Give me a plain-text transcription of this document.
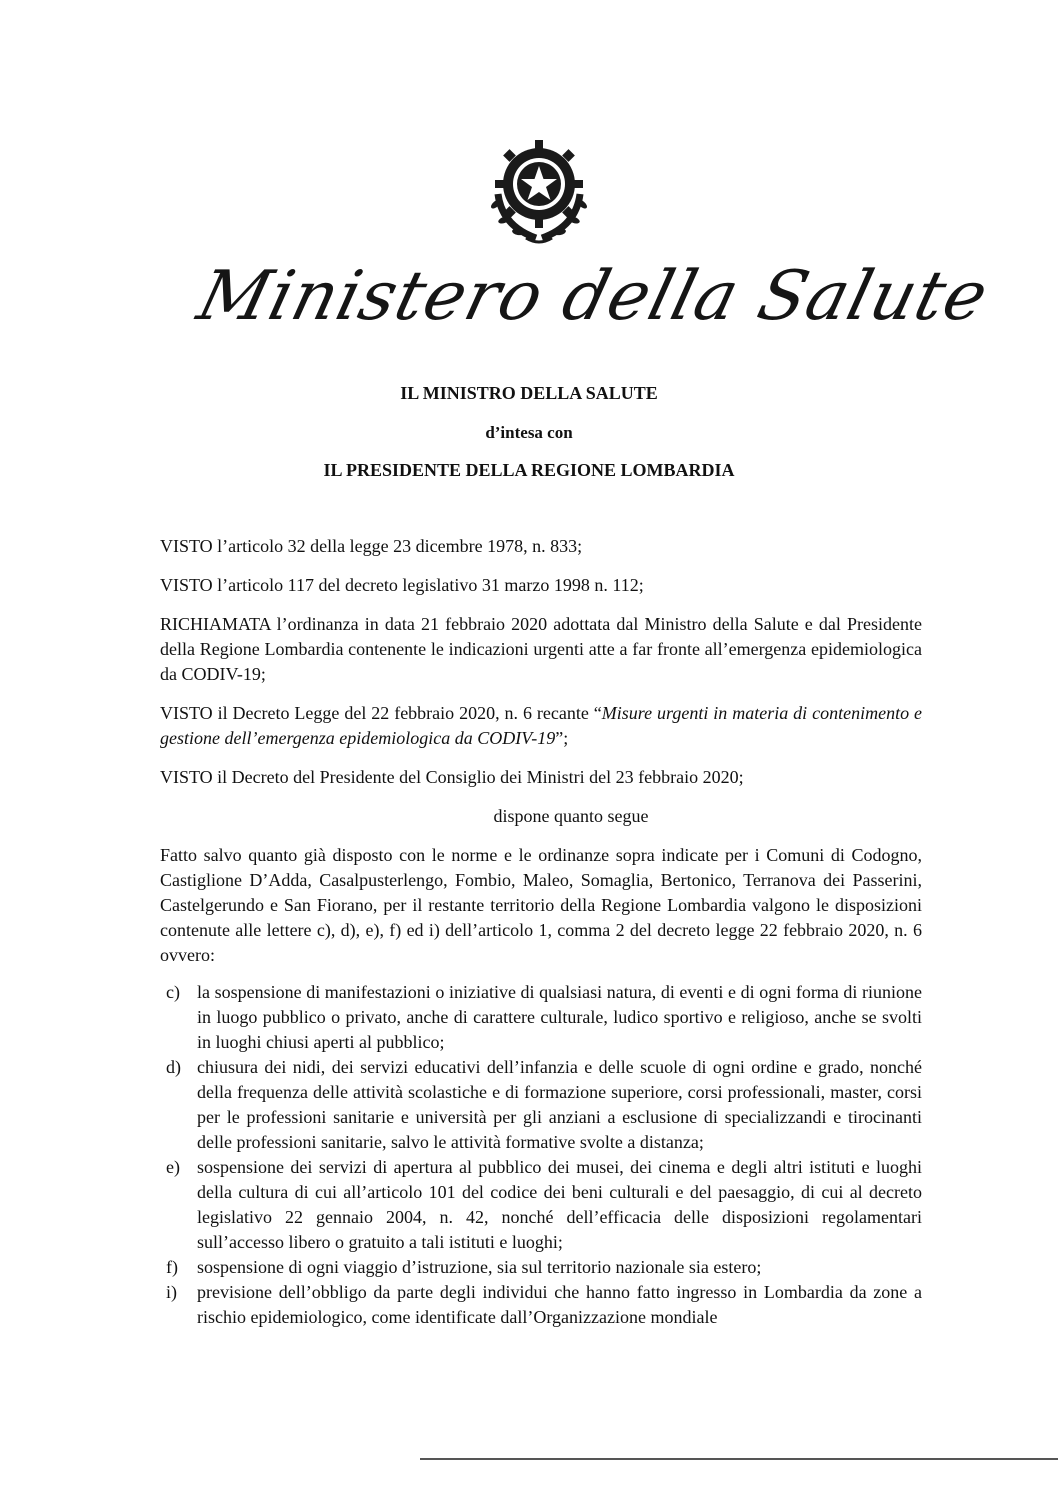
Ministero della Salute
IL MINISTRO DELLA SALUTE
d’intesa con
IL PRESIDENTE DELLA REGIONE LOMBARDIA

VISTO l’articolo 32 della legge 23 dicembre 1978, n. 833;

VISTO l’articolo 117 del decreto legislativo 31 marzo 1998 n. 112;

RICHIAMATA l’ordinanza in data 21 febbraio 2020 adottata dal Ministro della Salute e dal Presidente della Regione Lombardia contenente le indicazioni urgenti atte a far fronte all’emergenza epidemiologica da CODIV-19;

VISTO il Decreto Legge del 22 febbraio 2020, n. 6 recante “Misure urgenti in materia di contenimento e gestione dell’emergenza epidemiologica da CODIV-19”;

VISTO il Decreto del Presidente del Consiglio dei Ministri del 23 febbraio 2020;

dispone quanto segue

Fatto salvo quanto già disposto con le norme e le ordinanze sopra indicate per i Comuni di Codogno, Castiglione D’Adda, Casalpusterlengo, Fombio, Maleo, Somaglia, Bertonico, Terranova dei Passerini, Castelgerundo e San Fiorano, per il restante territorio della Regione Lombardia valgono le disposizioni contenute alle lettere c), d), e), f) ed i) dell’articolo 1, comma 2 del decreto legge 22 febbraio 2020, n. 6 ovvero:

c) la sospensione di manifestazioni o iniziative di qualsiasi natura, di eventi e di ogni forma di riunione in luogo pubblico o privato, anche di carattere culturale, ludico sportivo e religioso, anche se svolti in luoghi chiusi aperti al pubblico;
d) chiusura dei nidi, dei servizi educativi dell’infanzia e delle scuole di ogni ordine e grado, nonché della frequenza delle attività scolastiche e di formazione superiore, corsi professionali, master, corsi per le professioni sanitarie e università per gli anziani a esclusione di specializzandi e tirocinanti delle professioni sanitarie, salvo le attività formative svolte a distanza;
e) sospensione dei servizi di apertura al pubblico dei musei, dei cinema e degli altri istituti e luoghi della cultura di cui all’articolo 101 del codice dei beni culturali e del paesaggio, di cui al decreto legislativo 22 gennaio 2004, n. 42, nonché dell’efficacia delle disposizioni regolamentari sull’accesso libero o gratuito a tali istituti e luoghi;
f) sospensione di ogni viaggio d’istruzione, sia sul territorio nazionale sia estero;
i) previsione dell’obbligo da parte degli individui che hanno fatto ingresso in Lombardia da zone a rischio epidemiologico, come identificate dall’Organizzazione mondiale
